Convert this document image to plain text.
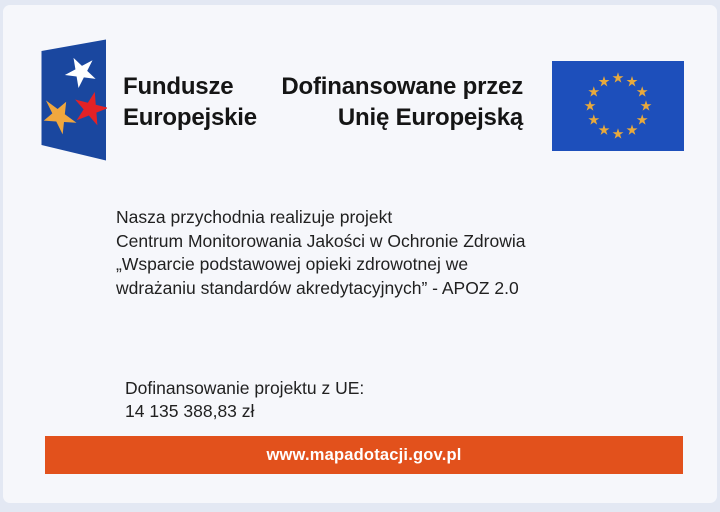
Fundusze
Europejskie
Dofinansowane przez
Unię Europejską
Nasza przychodnia realizuje projekt
Centrum Monitorowania Jakości w Ochronie Zdrowia
„Wsparcie podstawowej opieki zdrowotnej we
wdrażaniu standardów akredytacyjnych” - APOZ 2.0
Dofinansowanie projektu z UE:
14 135 388,83 zł
www.mapadotacji.gov.pl
